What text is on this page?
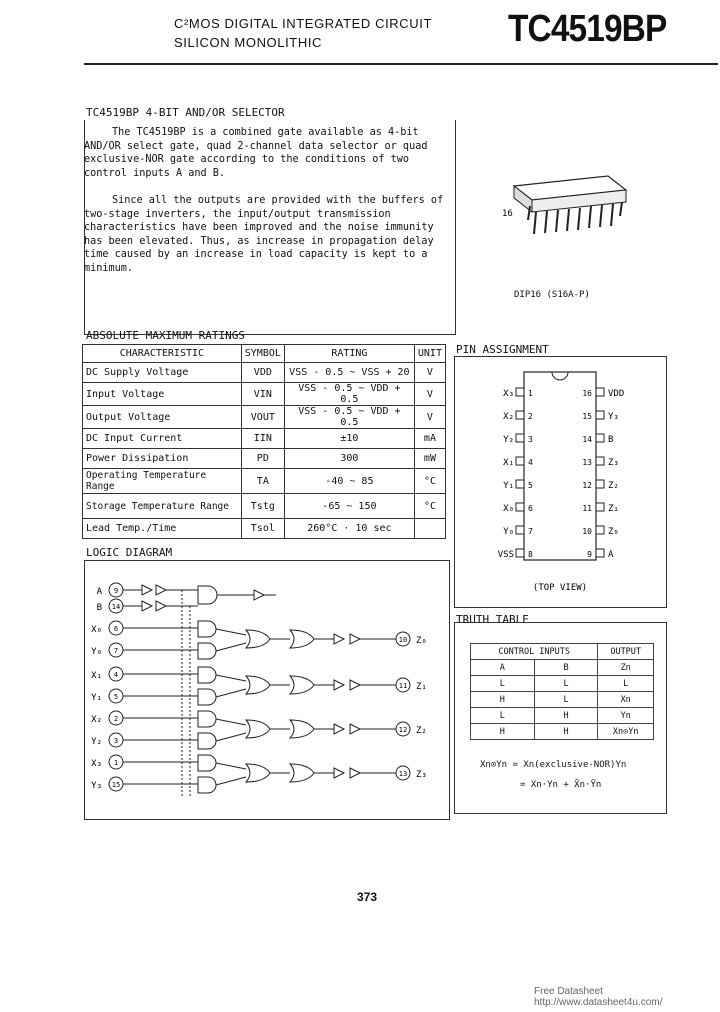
C²MOS DIGITAL INTEGRATED CIRCUIT
SILICON MONOLITHIC	TC4519BP
TC4519BP 4-BIT AND/OR SELECTOR

The TC4519BP is a combined gate available as 4-bit AND/OR select gate, quad 2-channel data selector or quad exclusive-NOR gate according to the conditions of two control inputs A and B.

Since all the outputs are provided with the buffers of two-stage inverters, the input/output transmission characteristics have been improved and the noise immunity has been elevated. Thus, as increase in propagation delay time caused by an increase in load capacity is kept to a minimum.

16
DIP16 (S16A-P)
ABSOLUTE MAXIMUM RATINGS
CHARACTERISTIC	SYMBOL	RATING	UNIT
DC Supply Voltage	VDD	VSS - 0.5 ~ VSS + 20	V
Input Voltage	VIN	VSS - 0.5 ~ VDD + 0.5	V
Output Voltage	VOUT	VSS - 0.5 ~ VDD + 0.5	V
DC Input Current	IIN	±10	mA
Power Dissipation	PD	300	mW
Operating Temperature Range	TA	-40 ~ 85	°C
Storage Temperature Range	Tstg	-65 ~ 150	°C
Lead Temp./Time	Tsol	260°C · 10 sec	
PIN ASSIGNMENT
X₃ 1
X₂ 2
Y₂ 3
X₁ 4
Y₁ 5
X₀ 6
Y₀ 7
VSS 8
16 VDD
15 Y₃
14 B
13 Z₃
12 Z₂
11 Z₁
10 Z₀
9 A
(TOP VIEW)
TRUTH TABLE
CONTROL INPUTS		OUTPUT
A	B	Zn
L	L	L
H	L	Xn
L	H	Yn
H	H	Xn⊙Yn
Xn⊙Yn = Xn(exclusive-NOR)Yn
= Xn·Yn + X̄n·Ȳn
LOGIC DIAGRAM
A 9
B 14
X₀ 6
Y₀ 7
X₁ 4
Y₁ 5
X₂ 2
Y₂ 3
X₃ 1
Y₃ 15
10 Z₀
11 Z₁
12 Z₂
13 Z₃
373
Free Datasheet http://www.datasheet4u.com/
